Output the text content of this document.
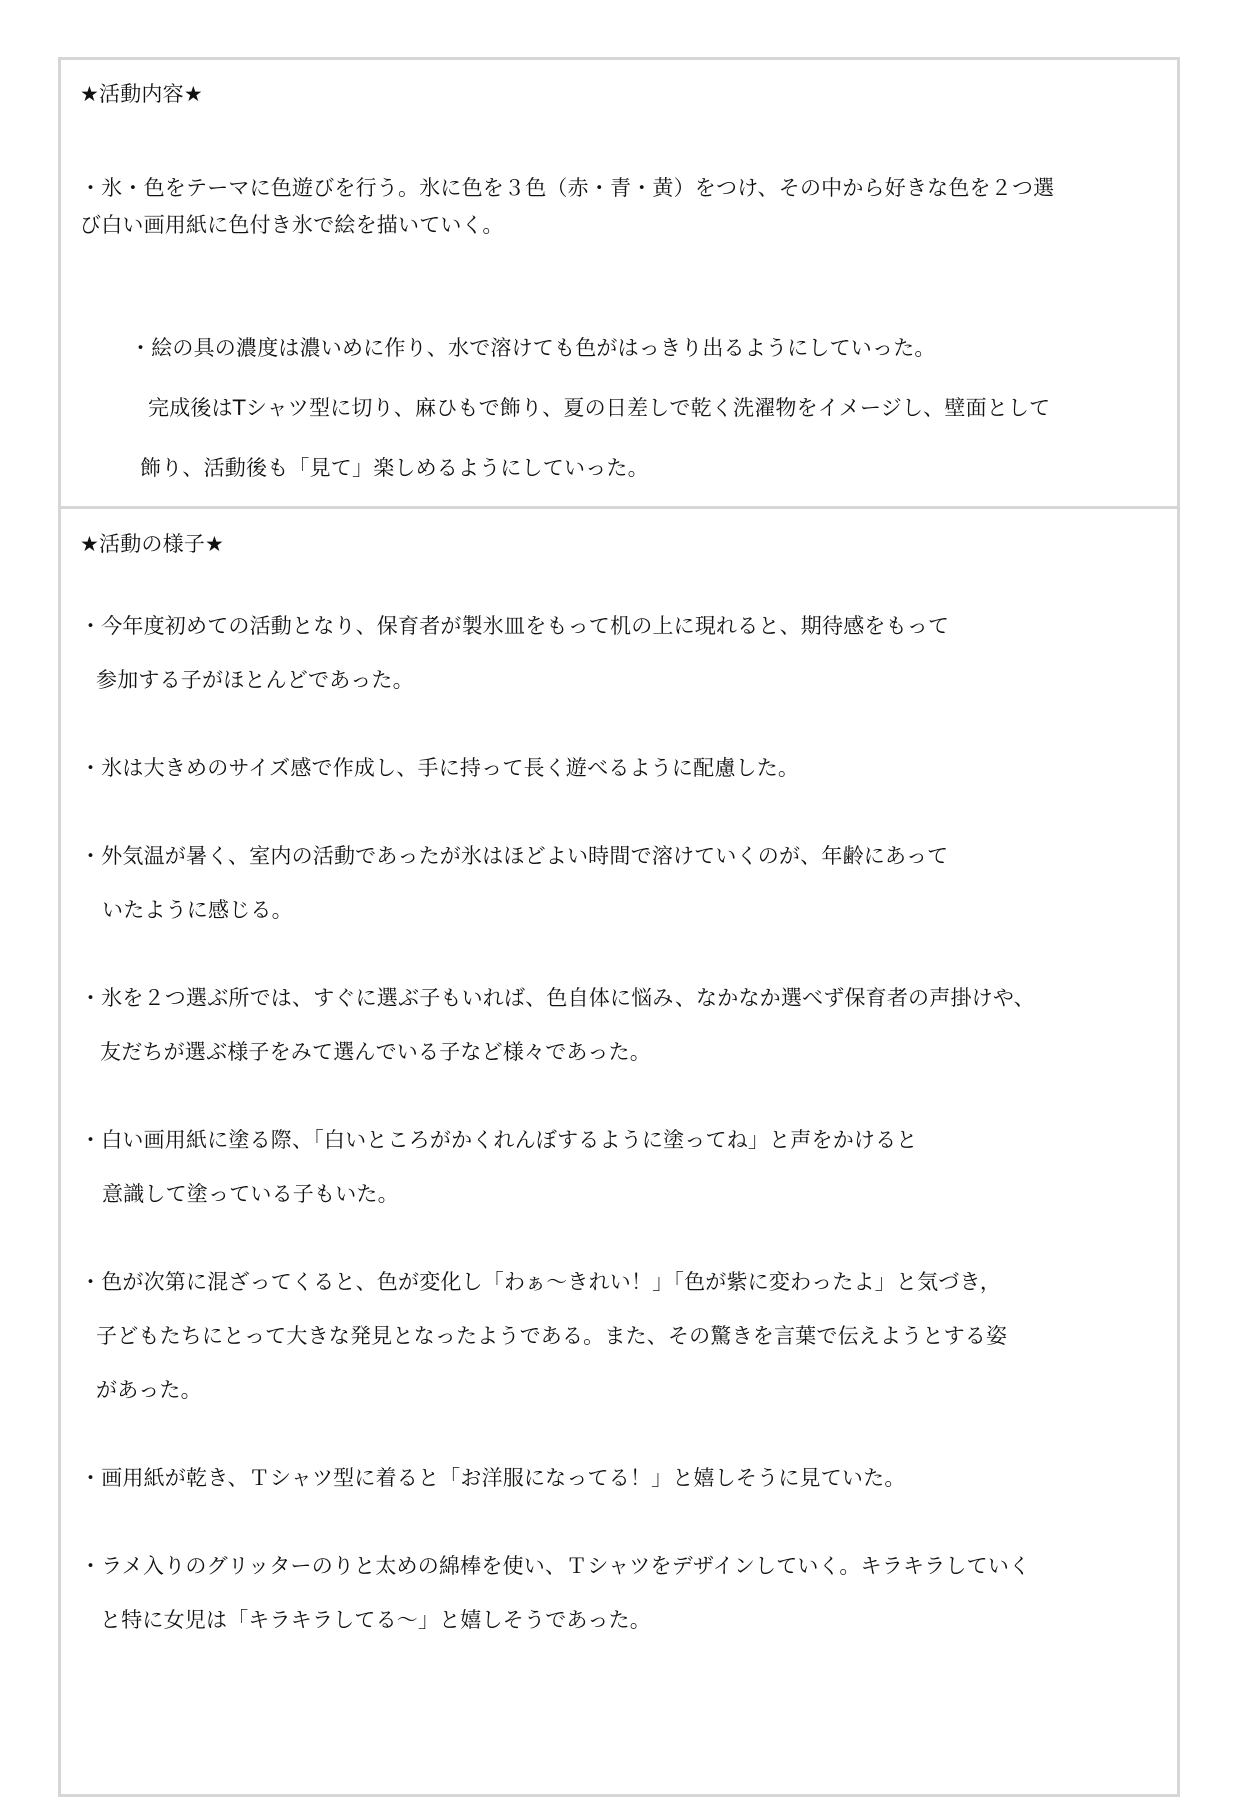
★活動内容★
・氷・色をテーマに色遊びを行う。氷に色を３色（赤・青・黄）をつけ、その中から好きな色を２つ選
び白い画用紙に色付き氷で絵を描いていく。
・絵の具の濃度は濃いめに作り、水で溶けても色がはっきり出るようにしていった。
完成後はTシャツ型に切り、麻ひもで飾り、夏の日差しで乾く洗濯物をイメージし、壁面として
飾り、活動後も「見て」楽しめるようにしていった。
★活動の様子★
・今年度初めての活動となり、保育者が製氷皿をもって机の上に現れると、期待感をもって
参加する子がほとんどであった。
・氷は大きめのサイズ感で作成し、手に持って長く遊べるように配慮した。
・外気温が暑く、室内の活動であったが氷はほどよい時間で溶けていくのが、年齢にあって
いたように感じる。
・氷を２つ選ぶ所では、すぐに選ぶ子もいれば、色自体に悩み、なかなか選べず保育者の声掛けや、
友だちが選ぶ様子をみて選んでいる子など様々であった。
・白い画用紙に塗る際、「白いところがかくれんぼするように塗ってね」と声をかけると
意識して塗っている子もいた。
・色が次第に混ざってくると、色が変化し「わぁ〜きれい！」「色が紫に変わったよ」と気づき，
子どもたちにとって大きな発見となったようである。また、その驚きを言葉で伝えようとする姿
があった。
・画用紙が乾き、Ｔシャツ型に着ると「お洋服になってる！」と嬉しそうに見ていた。
・ラメ入りのグリッターのりと太めの綿棒を使い、Ｔシャツをデザインしていく。キラキラしていく
と特に女児は「キラキラしてる〜」と嬉しそうであった。
